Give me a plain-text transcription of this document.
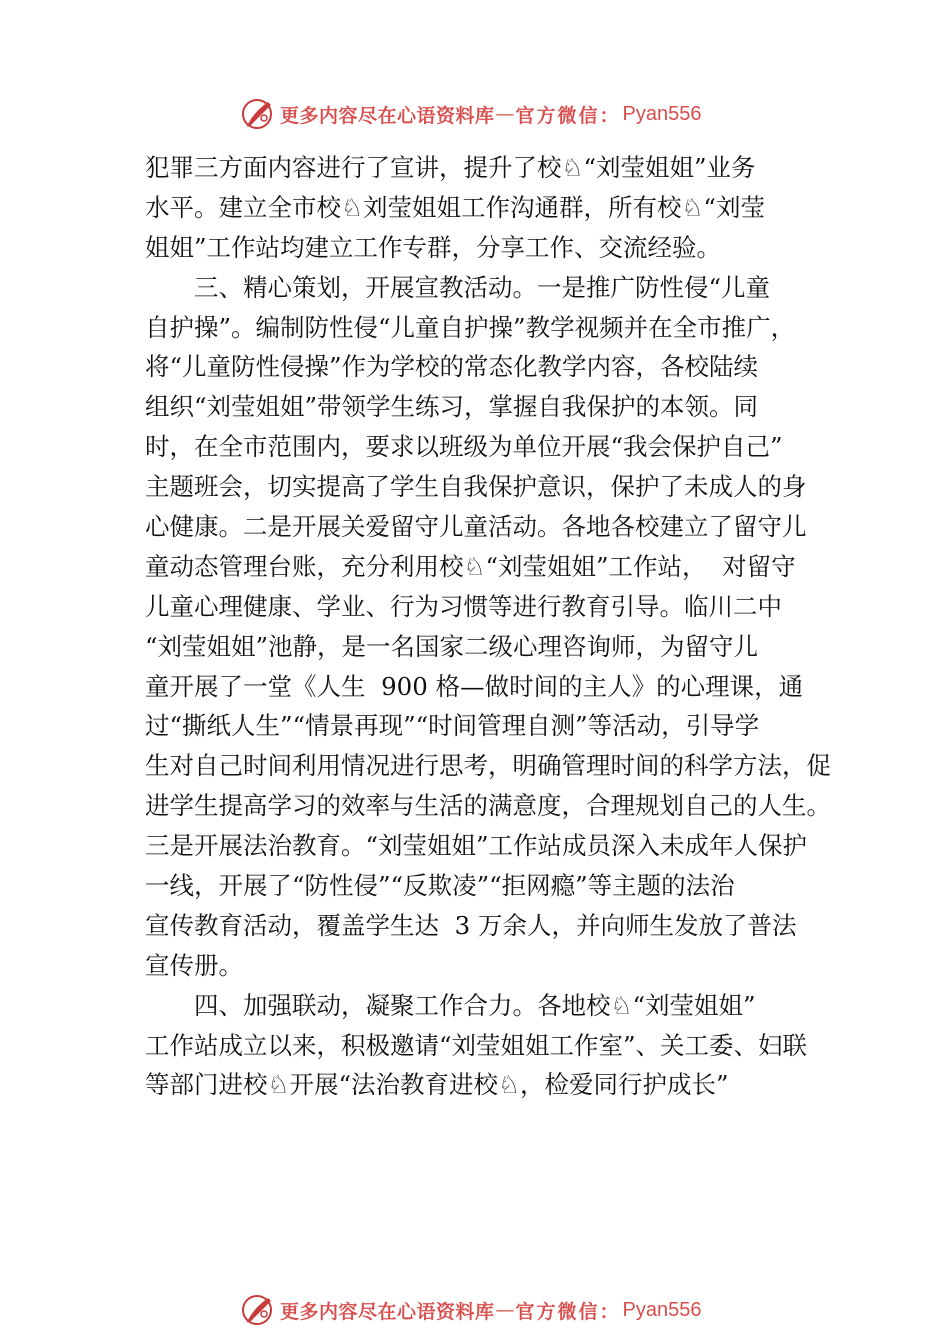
更多内容尽在心语资料库 — 官方微信： Pyan556
犯罪三方面内容进行了宣讲，提升了校♘“刘莹姐姐”业务
水平。建立全市校♘刘莹姐姐工作沟通群，所有校♘“刘莹
姐姐”工作站均建立工作专群，分享工作、交流经验。
　　三、精心策划，开展宣教活动。一是推广防性侵“儿童
自护操”。编制防性侵“儿童自护操”教学视频并在全市推广，
将“儿童防性侵操”作为学校的常态化教学内容，各校陆续
组织“刘莹姐姐”带领学生练习，掌握自我保护的本领。同
时，在全市范围内，要求以班级为单位开展“我会保护自己”
主题班会，切实提高了学生自我保护意识，保护了未成人的身
心健康。二是开展关爱留守儿童活动。各地各校建立了留守儿
童动态管理台账，充分利用校♘“刘莹姐姐”工作站，  对留守
儿童心理健康、学业、行为习惯等进行教育引导。临川二中
“刘莹姐姐”池静，是一名国家二级心理咨询师，为留守儿
童开展了一堂《人生  900 格—做时间的主人》的心理课，通
过“撕纸人生”“情景再现”“时间管理自测”等活动，引导学
生对自己时间利用情况进行思考，明确管理时间的科学方法，促
进学生提高学习的效率与生活的满意度，合理规划自己的人生。
三是开展法治教育。“刘莹姐姐”工作站成员深入未成年人保护
一线，开展了“防性侵”“反欺凌”“拒网瘾”等主题的法治
宣传教育活动，覆盖学生达  3 万余人，并向师生发放了普法
宣传册。
　　四、加强联动，凝聚工作合力。各地校♘“刘莹姐姐”
工作站成立以来，积极邀请“刘莹姐姐工作室”、关工委、妇联
等部门进校♘开展“法治教育进校♘，检爱同行护成长”
更多内容尽在心语资料库 — 官方微信： Pyan556
